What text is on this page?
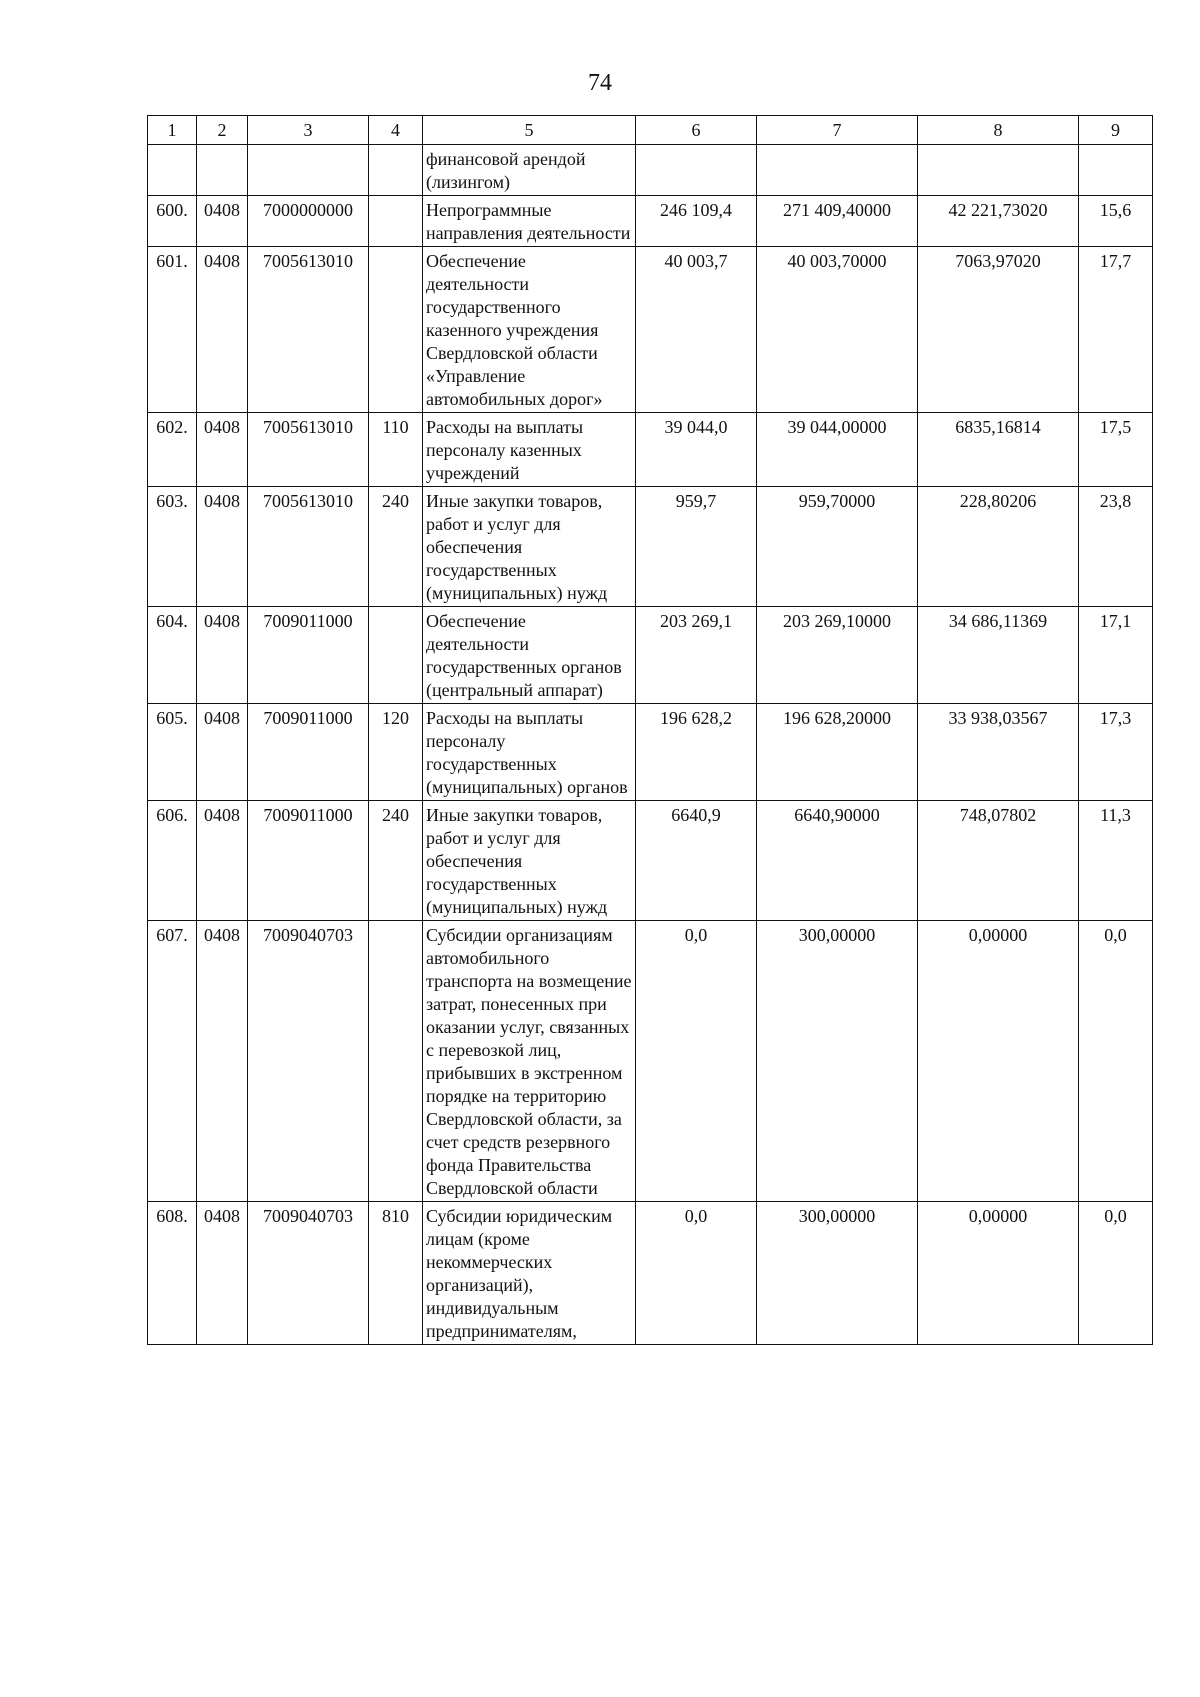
74
1	2	3	4	5	6	7	8	9
				финансовой арендой (лизингом)				
600.	0408	7000000000		Непрограммные направления деятельности	246 109,4	271 409,40000	42 221,73020	15,6
601.	0408	7005613010		Обеспечение деятельности государственного казенного учреждения Свердловской области «Управление автомобильных дорог»	40 003,7	40 003,70000	7063,97020	17,7
602.	0408	7005613010	110	Расходы на выплаты персоналу казенных учреждений	39 044,0	39 044,00000	6835,16814	17,5
603.	0408	7005613010	240	Иные закупки товаров, работ и услуг для обеспечения государственных (муниципальных) нужд	959,7	959,70000	228,80206	23,8
604.	0408	7009011000		Обеспечение деятельности государственных органов (центральный аппарат)	203 269,1	203 269,10000	34 686,11369	17,1
605.	0408	7009011000	120	Расходы на выплаты персоналу государственных (муниципальных) органов	196 628,2	196 628,20000	33 938,03567	17,3
606.	0408	7009011000	240	Иные закупки товаров, работ и услуг для обеспечения государственных (муниципальных) нужд	6640,9	6640,90000	748,07802	11,3
607.	0408	7009040703		Субсидии организациям автомобильного транспорта на возмещение затрат, понесенных при оказании услуг, связанных с перевозкой лиц, прибывших в экстренном порядке на территорию Свердловской области, за счет средств резервного фонда Правительства Свердловской области	0,0	300,00000	0,00000	0,0
608.	0408	7009040703	810	Субсидии юридическим лицам (кроме некоммерческих организаций), индивидуальным предпринимателям,	0,0	300,00000	0,00000	0,0
